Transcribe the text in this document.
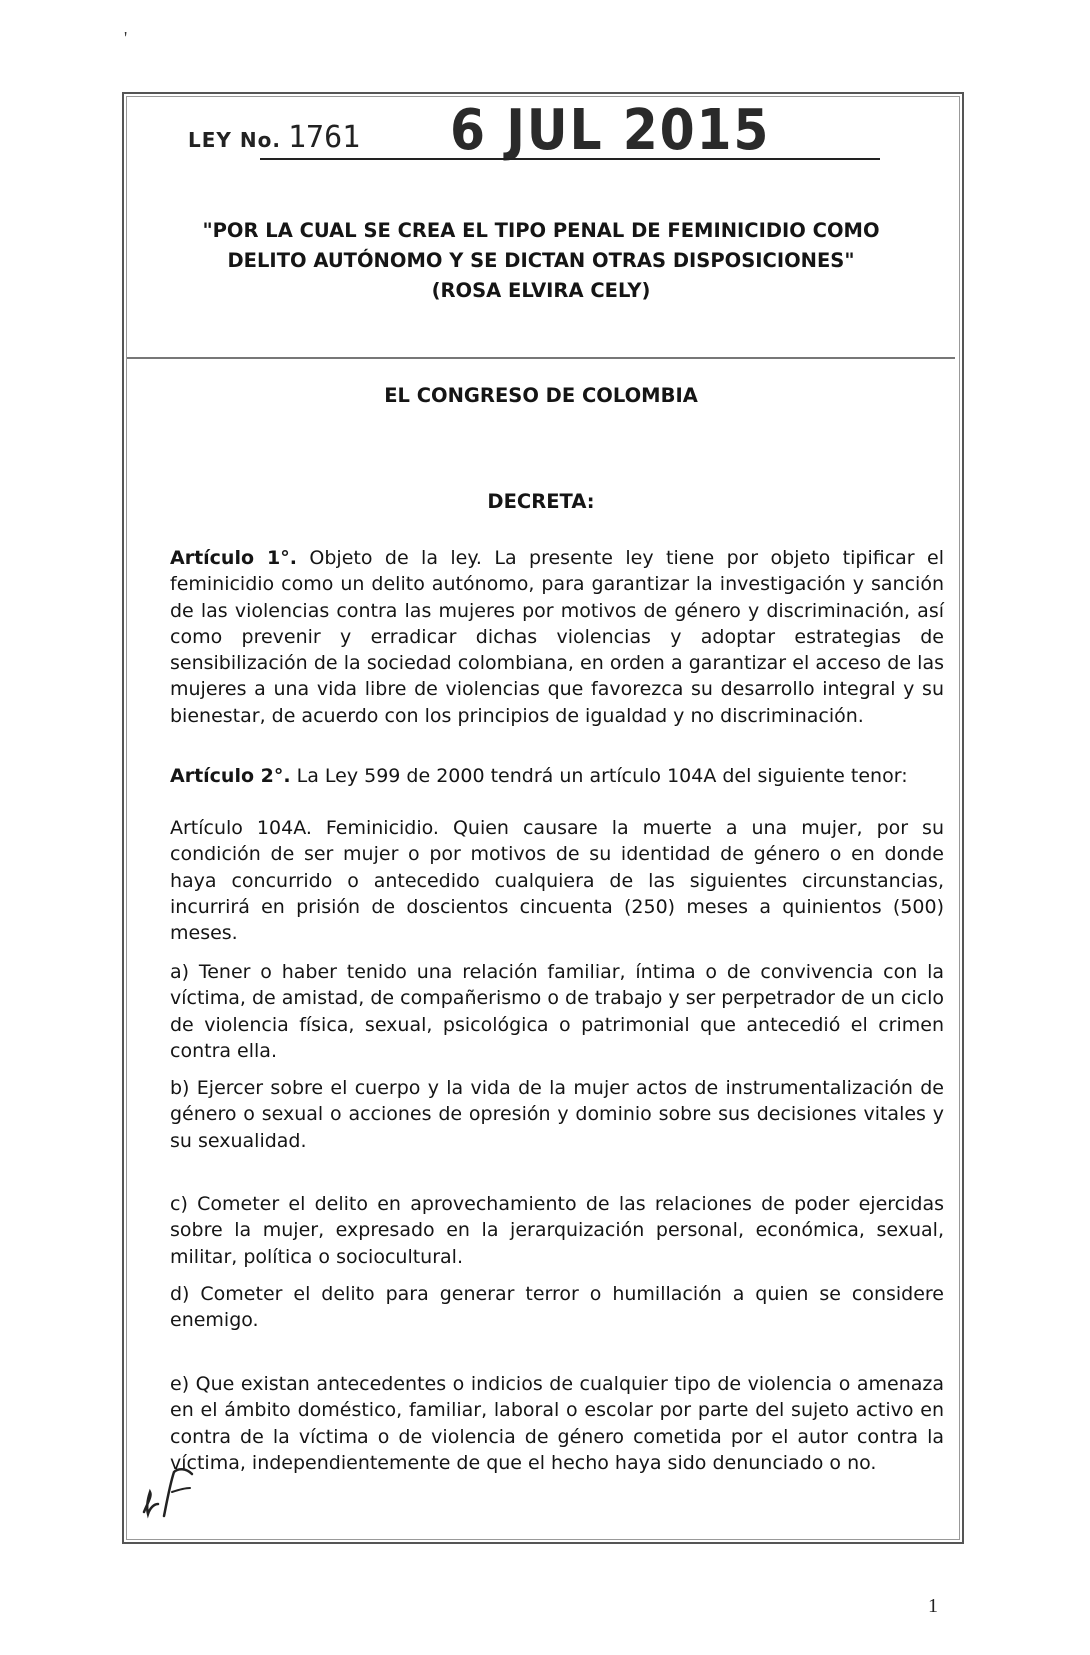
'
LEY No. 1761 6 JUL 2015
"POR LA CUAL SE CREA EL TIPO PENAL DE FEMINICIDIO COMO
DELITO AUTÓNOMO Y SE DICTAN OTRAS DISPOSICIONES"
(ROSA ELVIRA CELY)
EL CONGRESO DE COLOMBIA
DECRETA:
Artículo 1°. Objeto de la ley. La presente ley tiene por objeto tipificar el feminicidio como un delito autónomo, para garantizar la investigación y sanción de las violencias contra las mujeres por motivos de género y discriminación, así como prevenir y erradicar dichas violencias y adoptar estrategias de sensibilización de la sociedad colombiana, en orden a garantizar el acceso de las mujeres a una vida libre de violencias que favorezca su desarrollo integral y su bienestar, de acuerdo con los principios de igualdad y no discriminación.
Artículo 2°. La Ley 599 de 2000 tendrá un artículo 104A del siguiente tenor:
Artículo 104A. Feminicidio. Quien causare la muerte a una mujer, por su condición de ser mujer o por motivos de su identidad de género o en donde haya concurrido o antecedido cualquiera de las siguientes circunstancias, incurrirá en prisión de doscientos cincuenta (250) meses a quinientos (500) meses.
a) Tener o haber tenido una relación familiar, íntima o de convivencia con la víctima, de amistad, de compañerismo o de trabajo y ser perpetrador de un ciclo de violencia física, sexual, psicológica o patrimonial que antecedió el crimen contra ella.
b) Ejercer sobre el cuerpo y la vida de la mujer actos de instrumentalización de género o sexual o acciones de opresión y dominio sobre sus decisiones vitales y su sexualidad.
c) Cometer el delito en aprovechamiento de las relaciones de poder ejercidas sobre la mujer, expresado en la jerarquización personal, económica, sexual, militar, política o sociocultural.
d) Cometer el delito para generar terror o humillación a quien se considere enemigo.
e) Que existan antecedentes o indicios de cualquier tipo de violencia o amenaza en el ámbito doméstico, familiar, laboral o escolar por parte del sujeto activo en contra de la víctima o de violencia de género cometida por el autor contra la víctima, independientemente de que el hecho haya sido denunciado o no.
1
